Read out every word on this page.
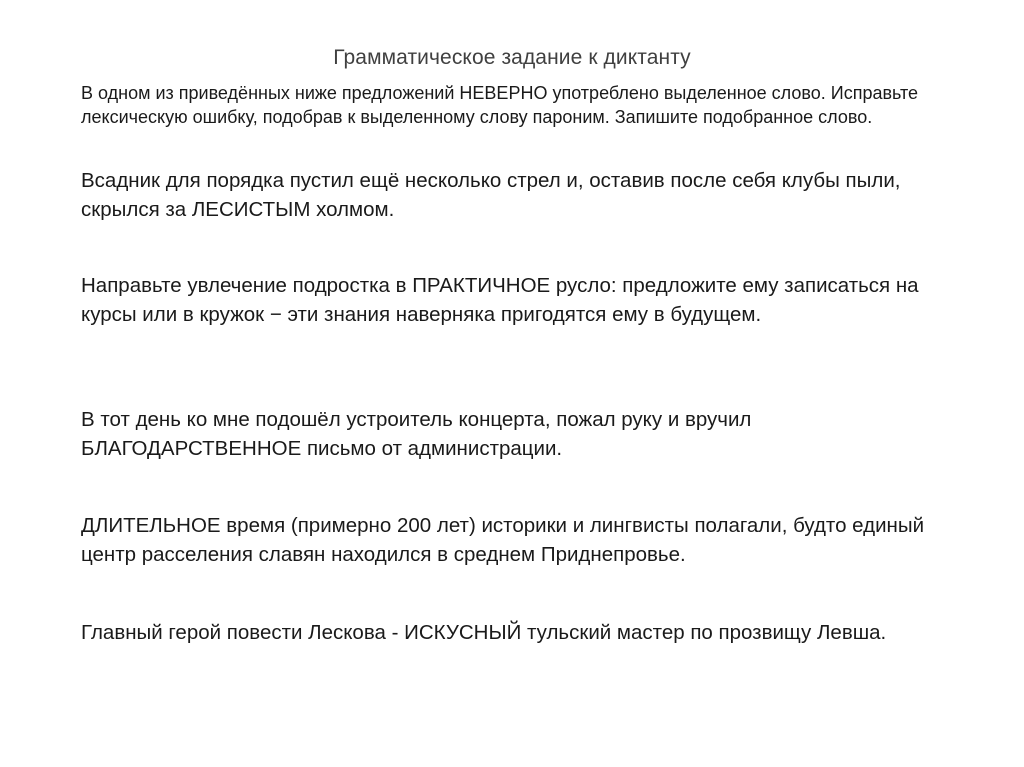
Грамматическое задание к диктанту

В одном из приведённых ниже предложений НЕВЕРНО употреблено выделенное слово. Исправьте лексическую ошибку, подобрав к выделенному слову пароним. Запишите подобранное слово.

Всадник для порядка пустил ещё несколько стрел и, оставив после себя клубы пыли, скрылся за ЛЕСИСТЫМ холмом.

Направьте увлечение подростка в ПРАКТИЧНОЕ русло: предложите ему записаться на курсы или в кружок − эти знания наверняка пригодятся ему в будущем.

В тот день ко мне подошёл устроитель концерта, пожал руку и вручил БЛАГОДАРСТВЕННОЕ письмо от администрации.

ДЛИТЕЛЬНОЕ время (примерно 200 лет) историки и лингвисты полагали, будто единый центр расселения славян находился в среднем Приднепровье.

Главный герой повести Лескова - ИСКУСНЫЙ тульский мастер по прозвищу Левша.
